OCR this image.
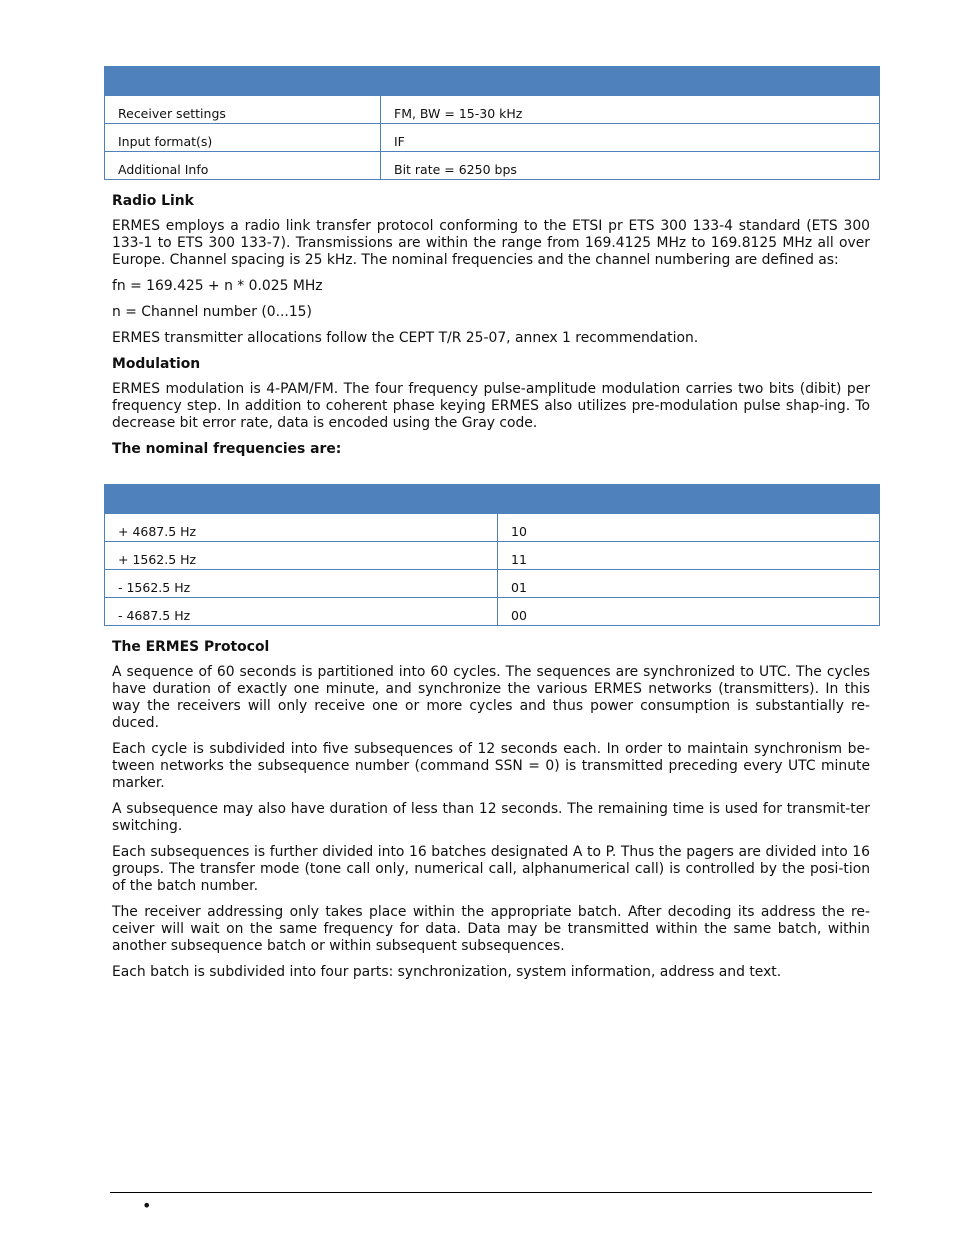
Receiver settings	FM, BW = 15-30 kHz
Input format(s)	IF
Additional Info	Bit rate = 6250 bps
Radio Link

ERMES employs a radio link transfer protocol conforming to the ETSI pr ETS 300 133-4 standard (ETS 300 133-1 to ETS 300 133-7). Transmissions are within the range from 169.4125 MHz to 169.8125 MHz all over Europe. Channel spacing is 25 kHz. The nominal frequencies and the channel numbering are defined as:

fn = 169.425 + n * 0.025 MHz

n = Channel number (0...15)

ERMES transmitter allocations follow the CEPT T/R 25-07, annex 1 recommendation.

Modulation

ERMES modulation is 4-PAM/FM. The four frequency pulse-amplitude modulation carries two bits (dibit) per frequency step. In addition to coherent phase keying ERMES also utilizes pre-modulation pulse shap-ing. To decrease bit error rate, data is encoded using the Gray code.

The nominal frequencies are:

+ 4687.5 Hz	10
+ 1562.5 Hz	11
- 1562.5 Hz	01
- 4687.5 Hz	00
The ERMES Protocol

A sequence of 60 seconds is partitioned into 60 cycles. The sequences are synchronized to UTC. The cycles have duration of exactly one minute, and synchronize the various ERMES networks (transmitters). In this way the receivers will only receive one or more cycles and thus power consumption is substantially re-duced.

Each cycle is subdivided into five subsequences of 12 seconds each. In order to maintain synchronism be-tween networks the subsequence number (command SSN = 0) is transmitted preceding every UTC minute marker.

A subsequence may also have duration of less than 12 seconds. The remaining time is used for transmit-ter switching.

Each subsequences is further divided into 16 batches designated A to P. Thus the pagers are divided into 16 groups. The transfer mode (tone call only, numerical call, alphanumerical call) is controlled by the posi-tion of the batch number.

The receiver addressing only takes place within the appropriate batch. After decoding its address the re-ceiver will wait on the same frequency for data. Data may be transmitted within the same batch, within another subsequence batch or within subsequent subsequences.

Each batch is subdivided into four parts: synchronization, system information, address and text.

•
